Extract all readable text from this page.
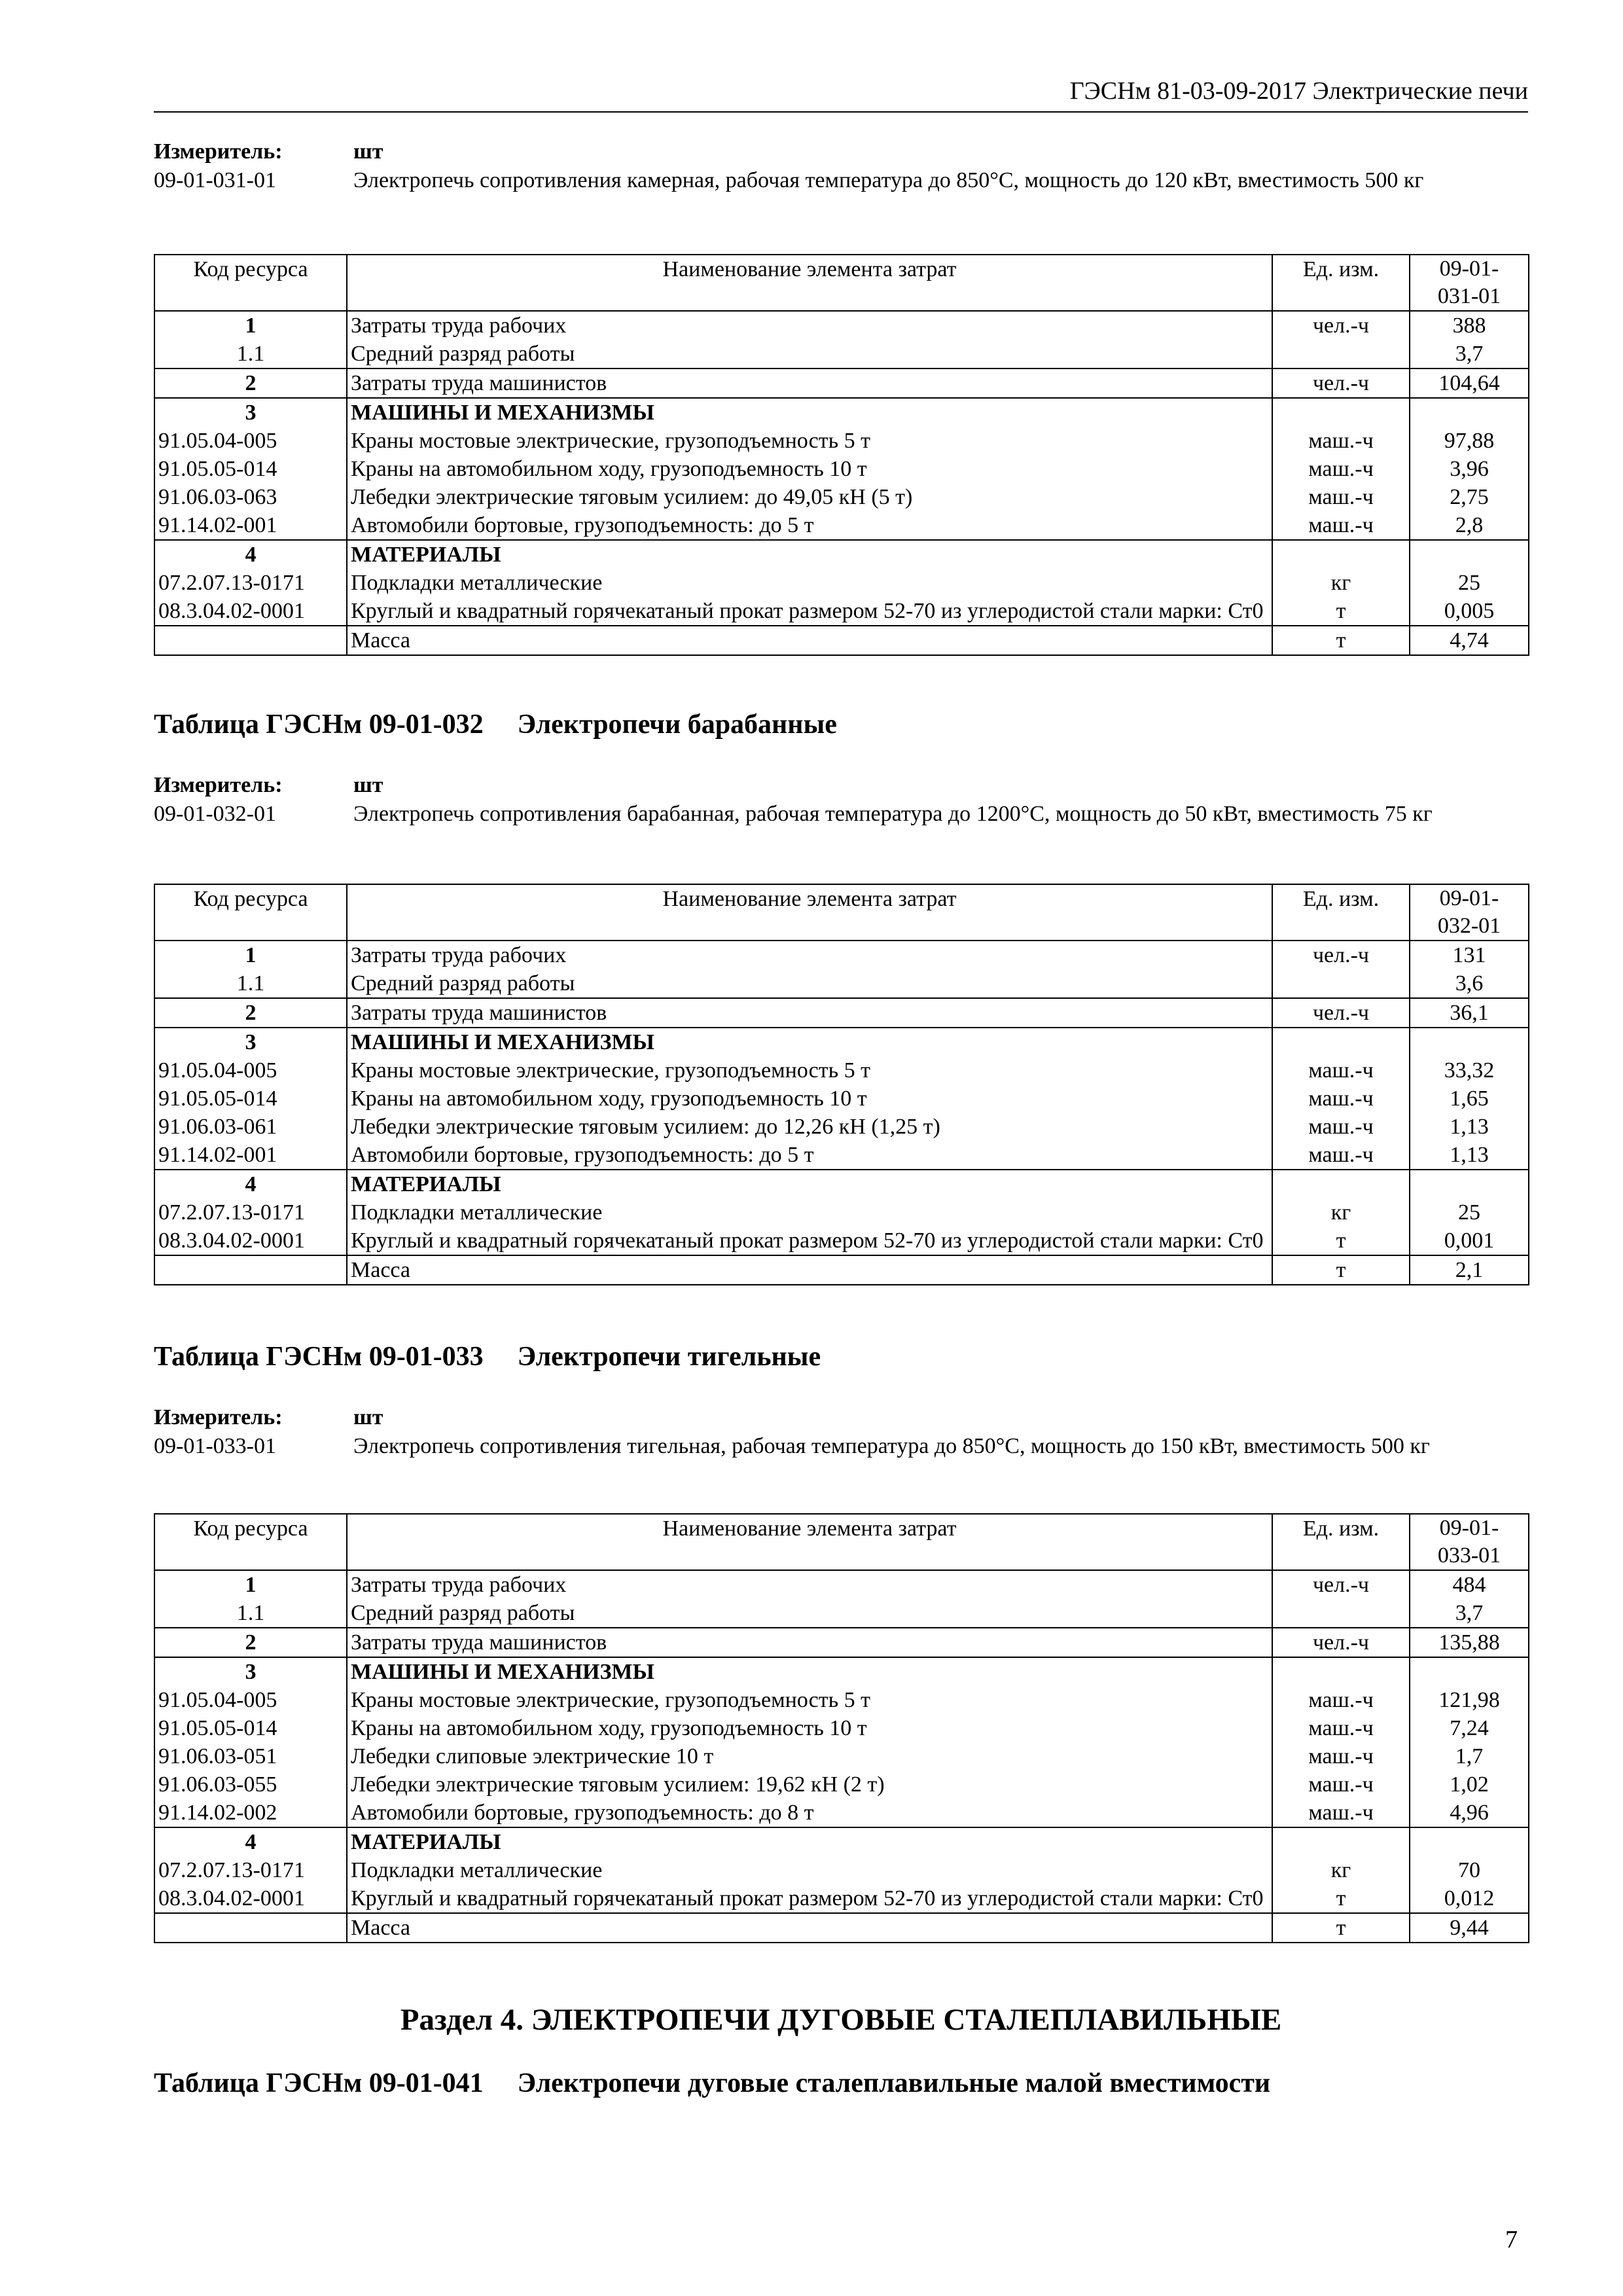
ГЭСНм 81-03-09-2017 Электрические печи
Измеритель:	шт
09-01-031-01	Электропечь сопротивления камерная, рабочая температура до 850°C, мощность до 120 кВт, вместимость 500 кг
Код ресурса	Наименование элемента затрат	Ед. изм.	09-01-
031-01
1	Затраты труда рабочих	чел.-ч	388
1.1	Средний разряд работы		3,7
2	Затраты труда машинистов	чел.-ч	104,64
3	МАШИНЫ И МЕХАНИЗМЫ		
91.05.04-005	Краны мостовые электрические, грузоподъемность 5 т	маш.-ч	97,88
91.05.05-014	Краны на автомобильном ходу, грузоподъемность 10 т	маш.-ч	3,96
91.06.03-063	Лебедки электрические тяговым усилием: до 49,05 кН (5 т)	маш.-ч	2,75
91.14.02-001	Автомобили бортовые, грузоподъемность: до 5 т	маш.-ч	2,8
4	МАТЕРИАЛЫ		
07.2.07.13-0171	Подкладки металлические	кг	25
08.3.04.02-0001	Круглый и квадратный горячекатаный прокат размером 52-70 из углеродистой стали марки: Ст0	т	0,005
	Масса	т	4,74
Таблица ГЭСНм 09-01-032 Электропечи барабанные
Измеритель:	шт
09-01-032-01	Электропечь сопротивления барабанная, рабочая температура до 1200°C, мощность до 50 кВт, вместимость 75 кг
Код ресурса	Наименование элемента затрат	Ед. изм.	09-01-
032-01
1	Затраты труда рабочих	чел.-ч	131
1.1	Средний разряд работы		3,6
2	Затраты труда машинистов	чел.-ч	36,1
3	МАШИНЫ И МЕХАНИЗМЫ		
91.05.04-005	Краны мостовые электрические, грузоподъемность 5 т	маш.-ч	33,32
91.05.05-014	Краны на автомобильном ходу, грузоподъемность 10 т	маш.-ч	1,65
91.06.03-061	Лебедки электрические тяговым усилием: до 12,26 кН (1,25 т)	маш.-ч	1,13
91.14.02-001	Автомобили бортовые, грузоподъемность: до 5 т	маш.-ч	1,13
4	МАТЕРИАЛЫ		
07.2.07.13-0171	Подкладки металлические	кг	25
08.3.04.02-0001	Круглый и квадратный горячекатаный прокат размером 52-70 из углеродистой стали марки: Ст0	т	0,001
	Масса	т	2,1
Таблица ГЭСНм 09-01-033 Электропечи тигельные
Измеритель:	шт
09-01-033-01	Электропечь сопротивления тигельная, рабочая температура до 850°C, мощность до 150 кВт, вместимость 500 кг
Код ресурса	Наименование элемента затрат	Ед. изм.	09-01-
033-01
1	Затраты труда рабочих	чел.-ч	484
1.1	Средний разряд работы		3,7
2	Затраты труда машинистов	чел.-ч	135,88
3	МАШИНЫ И МЕХАНИЗМЫ		
91.05.04-005	Краны мостовые электрические, грузоподъемность 5 т	маш.-ч	121,98
91.05.05-014	Краны на автомобильном ходу, грузоподъемность 10 т	маш.-ч	7,24
91.06.03-051	Лебедки слиповые электрические 10 т	маш.-ч	1,7
91.06.03-055	Лебедки электрические тяговым усилием: 19,62 кН (2 т)	маш.-ч	1,02
91.14.02-002	Автомобили бортовые, грузоподъемность: до 8 т	маш.-ч	4,96
4	МАТЕРИАЛЫ		
07.2.07.13-0171	Подкладки металлические	кг	70
08.3.04.02-0001	Круглый и квадратный горячекатаный прокат размером 52-70 из углеродистой стали марки: Ст0	т	0,012
	Масса	т	9,44
Раздел 4. ЭЛЕКТРОПЕЧИ ДУГОВЫЕ СТАЛЕПЛАВИЛЬНЫЕ
Таблица ГЭСНм 09-01-041 Электропечи дуговые сталеплавильные малой вместимости
7
